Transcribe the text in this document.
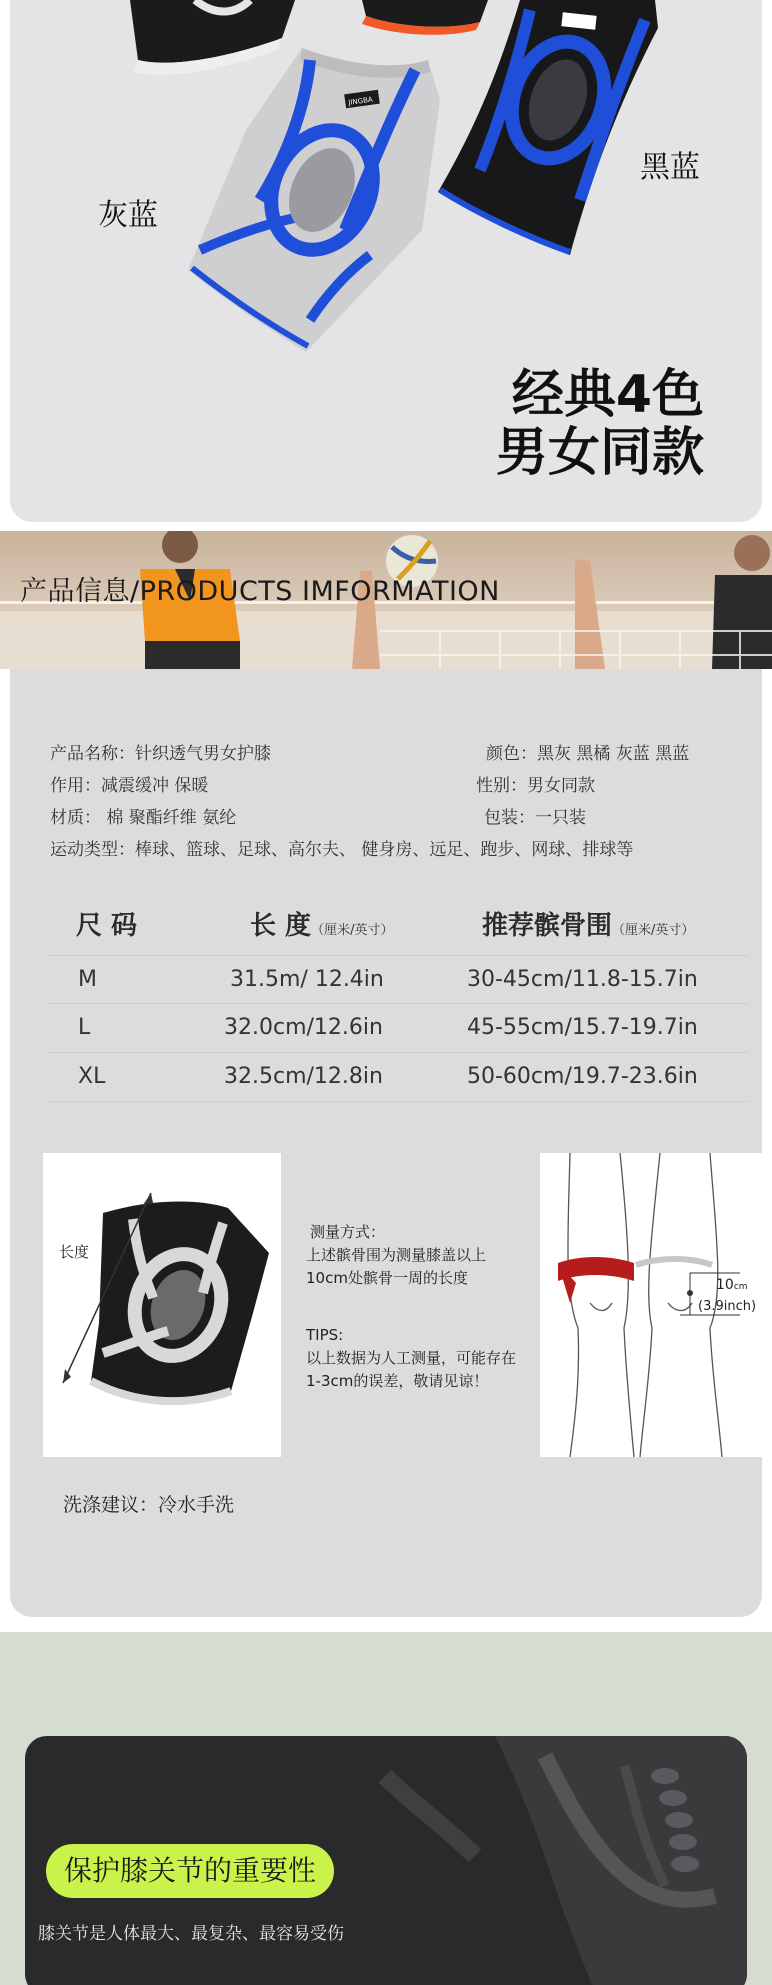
JINGBA
灰蓝
黑蓝
经典4色
男女同款
产品信息/PRODUCTS IMFORMATION
产品名称：针织透气男女护膝
作用：减震缓冲 保暖
材质： 棉 聚酯纤维 氨纶
运动类型：棒球、篮球、足球、高尔夫、 健身房、远足、跑步、网球、排球等
颜色：黑灰 黑橘 灰蓝 黑蓝
性别：男女同款
包装：一只装
尺 码	长 度（厘米/英寸）	推荐髌骨围（厘米/英寸）
M	31.5m/ 12.4in	30-45cm/11.8-15.7in
L	32.0cm/12.6in	45-55cm/15.7-19.7in
XL	32.5cm/12.8in	50-60cm/19.7-23.6in
长度
测量方式：
上述髌骨围为测量膝盖以上
10cm处髌骨一周的长度
TIPS:
以上数据为人工测量，可能存在
1-3cm的误差，敬请见谅！
10cm
(3.9inch)
洗涤建议：冷水手洗
保护膝关节的重要性
膝关节是人体最大、最复杂、最容易受伤
